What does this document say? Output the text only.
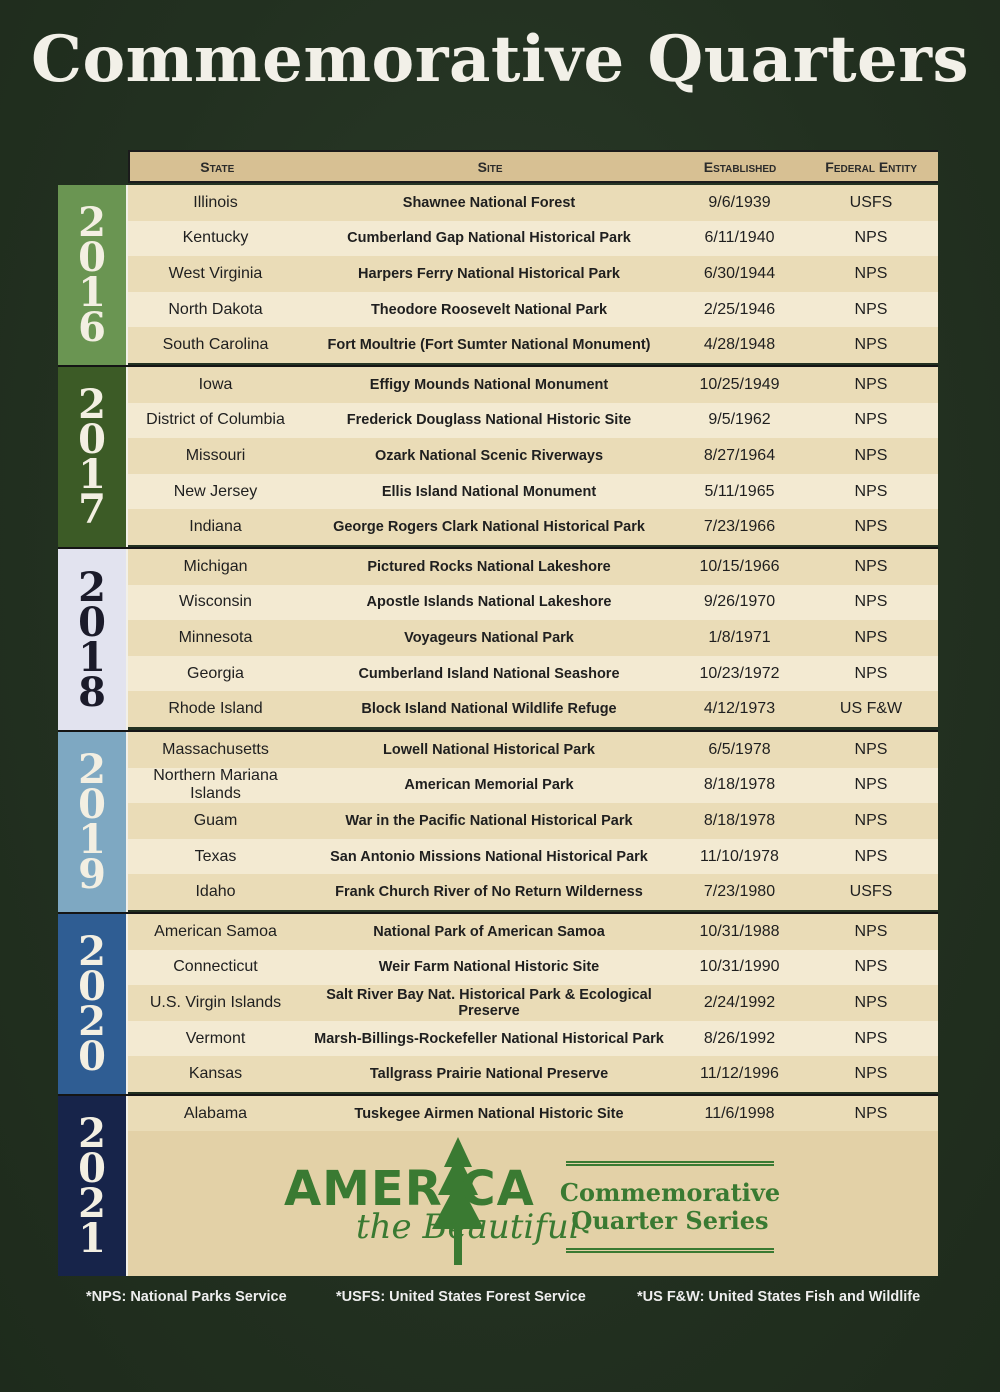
Commemorative Quarters
State	Site	Established	Federal Entity
2
0
1
6
Illinois	Shawnee National Forest	9/6/1939	USFS
Kentucky	Cumberland Gap National Historical Park	6/11/1940	NPS
West Virginia	Harpers Ferry National Historical Park	6/30/1944	NPS
North Dakota	Theodore Roosevelt National Park	2/25/1946	NPS
South Carolina	Fort Moultrie (Fort Sumter National Monument)	4/28/1948	NPS
2
0
1
7
Iowa	Effigy Mounds National Monument	10/25/1949	NPS
District of Columbia	Frederick Douglass National Historic Site	9/5/1962	NPS
Missouri	Ozark National Scenic Riverways	8/27/1964	NPS
New Jersey	Ellis Island National Monument	5/11/1965	NPS
Indiana	George Rogers Clark National Historical Park	7/23/1966	NPS
2
0
1
8
Michigan	Pictured Rocks National Lakeshore	10/15/1966	NPS
Wisconsin	Apostle Islands National Lakeshore	9/26/1970	NPS
Minnesota	Voyageurs National Park	1/8/1971	NPS
Georgia	Cumberland Island National Seashore	10/23/1972	NPS
Rhode Island	Block Island National Wildlife Refuge	4/12/1973	US F&W
2
0
1
9
Massachusetts	Lowell National Historical Park	6/5/1978	NPS
Northern Mariana Islands	American Memorial Park	8/18/1978	NPS
Guam	War in the Pacific National Historical Park	8/18/1978	NPS
Texas	San Antonio Missions National Historical Park	11/10/1978	NPS
Idaho	Frank Church River of No Return Wilderness	7/23/1980	USFS
2
0
2
0
American Samoa	National Park of American Samoa	10/31/1988	NPS
Connecticut	Weir Farm National Historic Site	10/31/1990	NPS
U.S. Virgin Islands	Salt River Bay Nat. Historical Park & Ecological Preserve	2/24/1992	NPS
Vermont	Marsh-Billings-Rockefeller National Historical Park	8/26/1992	NPS
Kansas	Tallgrass Prairie National Preserve	11/12/1996	NPS
2
0
2
1
Alabama	Tuskegee Airmen National Historic Site	11/6/1998	NPS
AMER CA
the Beautiful
Commemorative
Quarter Series
*NPS: National Parks Service	*USFS: United States Forest Service	*US F&W: United States Fish and Wildlife
